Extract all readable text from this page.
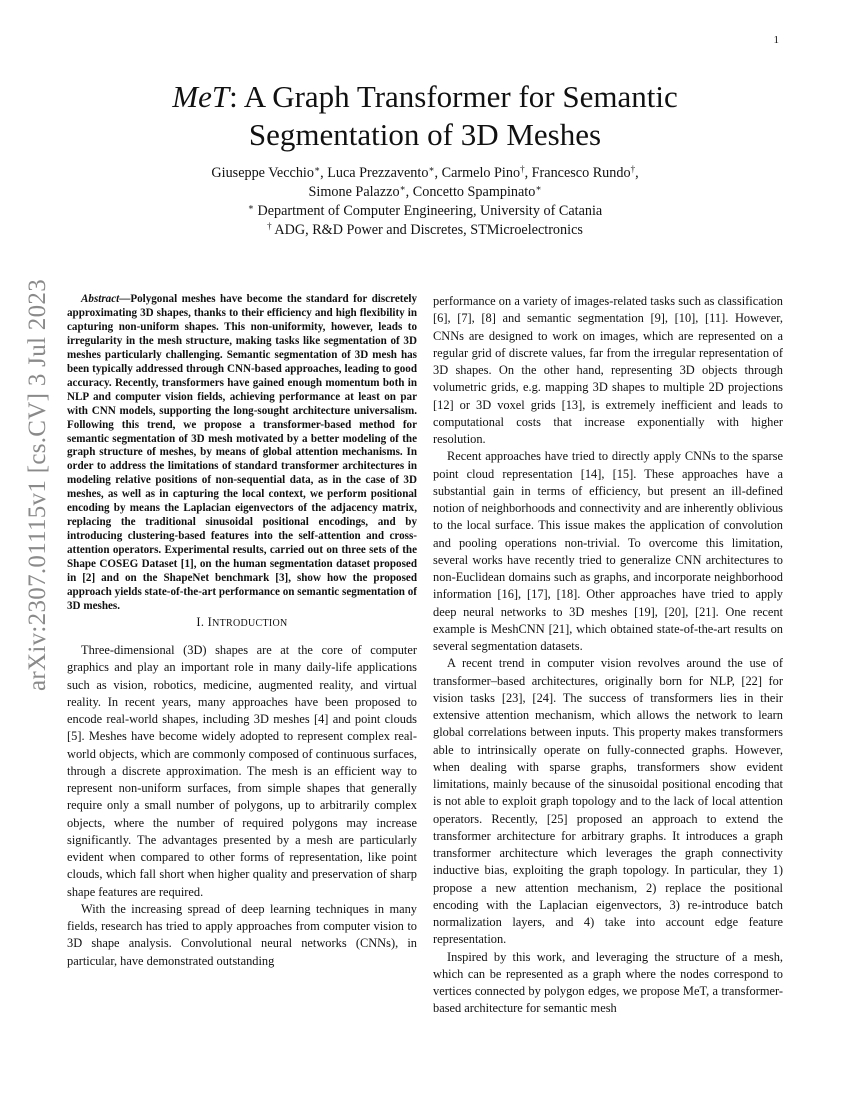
1
arXiv:2307.01115v1 [cs.CV] 3 Jul 2023
MeT: A Graph Transformer for Semantic
Segmentation of 3D Meshes
Giuseppe Vecchio∗, Luca Prezzavento∗, Carmelo Pino†, Francesco Rundo†,
Simone Palazzo∗, Concetto Spampinato∗
∗ Department of Computer Engineering, University of Catania
† ADG, R&D Power and Discretes, STMicroelectronics

Abstract—Polygonal meshes have become the standard for discretely approximating 3D shapes, thanks to their efficiency and high flexibility in capturing non-uniform shapes. This non-uniformity, however, leads to irregularity in the mesh structure, making tasks like segmentation of 3D meshes particularly challenging. Semantic segmentation of 3D mesh has been typically addressed through CNN-based approaches, leading to good accuracy. Recently, transformers have gained enough momentum both in NLP and computer vision fields, achieving performance at least on par with CNN models, supporting the long-sought architecture universalism. Following this trend, we propose a transformer-based method for semantic segmentation of 3D mesh motivated by a better modeling of the graph structure of meshes, by means of global attention mechanisms. In order to address the limitations of standard transformer architectures in modeling relative positions of non-sequential data, as in the case of 3D meshes, as well as in capturing the local context, we perform positional encoding by means the Laplacian eigenvectors of the adjacency matrix, replacing the traditional sinusoidal positional encodings, and by introducing clustering-based features into the self-attention and cross-attention operators. Experimental results, carried out on three sets of the Shape COSEG Dataset [1], on the human segmentation dataset proposed in [2] and on the ShapeNet benchmark [3], show how the proposed approach yields state-of-the-art performance on semantic segmentation of 3D meshes.

I. INTRODUCTION

Three-dimensional (3D) shapes are at the core of computer graphics and play an important role in many daily-life applications such as vision, robotics, medicine, augmented reality, and virtual reality. In recent years, many approaches have been proposed to encode real-world shapes, including 3D meshes [4] and point clouds [5]. Meshes have become widely adopted to represent complex real-world objects, which are commonly composed of continuous surfaces, through a discrete approximation. The mesh is an efficient way to represent non-uniform surfaces, from simple shapes that generally require only a small number of polygons, up to arbitrarily complex objects, where the number of required polygons may increase significantly. The advantages presented by a mesh are particularly evident when compared to other forms of representation, like point clouds, which fall short when higher quality and preservation of sharp shape features are required.

With the increasing spread of deep learning techniques in many fields, research has tried to apply approaches from computer vision to 3D shape analysis. Convolutional neural networks (CNNs), in particular, have demonstrated outstanding

performance on a variety of images-related tasks such as classification [6], [7], [8] and semantic segmentation [9], [10], [11]. However, CNNs are designed to work on images, which are represented on a regular grid of discrete values, far from the irregular representation of 3D shapes. On the other hand, representing 3D objects through volumetric grids, e.g. mapping 3D shapes to multiple 2D projections [12] or 3D voxel grids [13], is extremely inefficient and leads to computational costs that increase exponentially with higher resolution.

Recent approaches have tried to directly apply CNNs to the sparse point cloud representation [14], [15]. These approaches have a substantial gain in terms of efficiency, but present an ill-defined notion of neighborhoods and connectivity and are inherently oblivious to the local surface. This issue makes the application of convolution and pooling operations non-trivial. To overcome this limitation, several works have recently tried to generalize CNN architectures to non-Euclidean domains such as graphs, and incorporate neighborhood information [16], [17], [18]. Other approaches have tried to apply deep neural networks to 3D meshes [19], [20], [21]. One recent example is MeshCNN [21], which obtained state-of-the-art results on several segmentation datasets.

A recent trend in computer vision revolves around the use of transformer–based architectures, originally born for NLP, [22] for vision tasks [23], [24]. The success of transformers lies in their extensive attention mechanism, which allows the network to learn global correlations between inputs. This property makes transformers able to intrinsically operate on fully-connected graphs. However, when dealing with sparse graphs, transformers show evident limitations, mainly because of the sinusoidal positional encoding that is not able to exploit graph topology and to the lack of local attention operators. Recently, [25] proposed an approach to extend the transformer architecture for arbitrary graphs. It introduces a graph transformer architecture which leverages the graph connectivity inductive bias, exploiting the graph topology. In particular, they 1) propose a new attention mechanism, 2) replace the positional encoding with the Laplacian eigenvectors, 3) re-introduce batch normalization layers, and 4) take into account edge feature representation.

Inspired by this work, and leveraging the structure of a mesh, which can be represented as a graph where the nodes correspond to vertices connected by polygon edges, we propose MeT, a transformer-based architecture for semantic mesh
